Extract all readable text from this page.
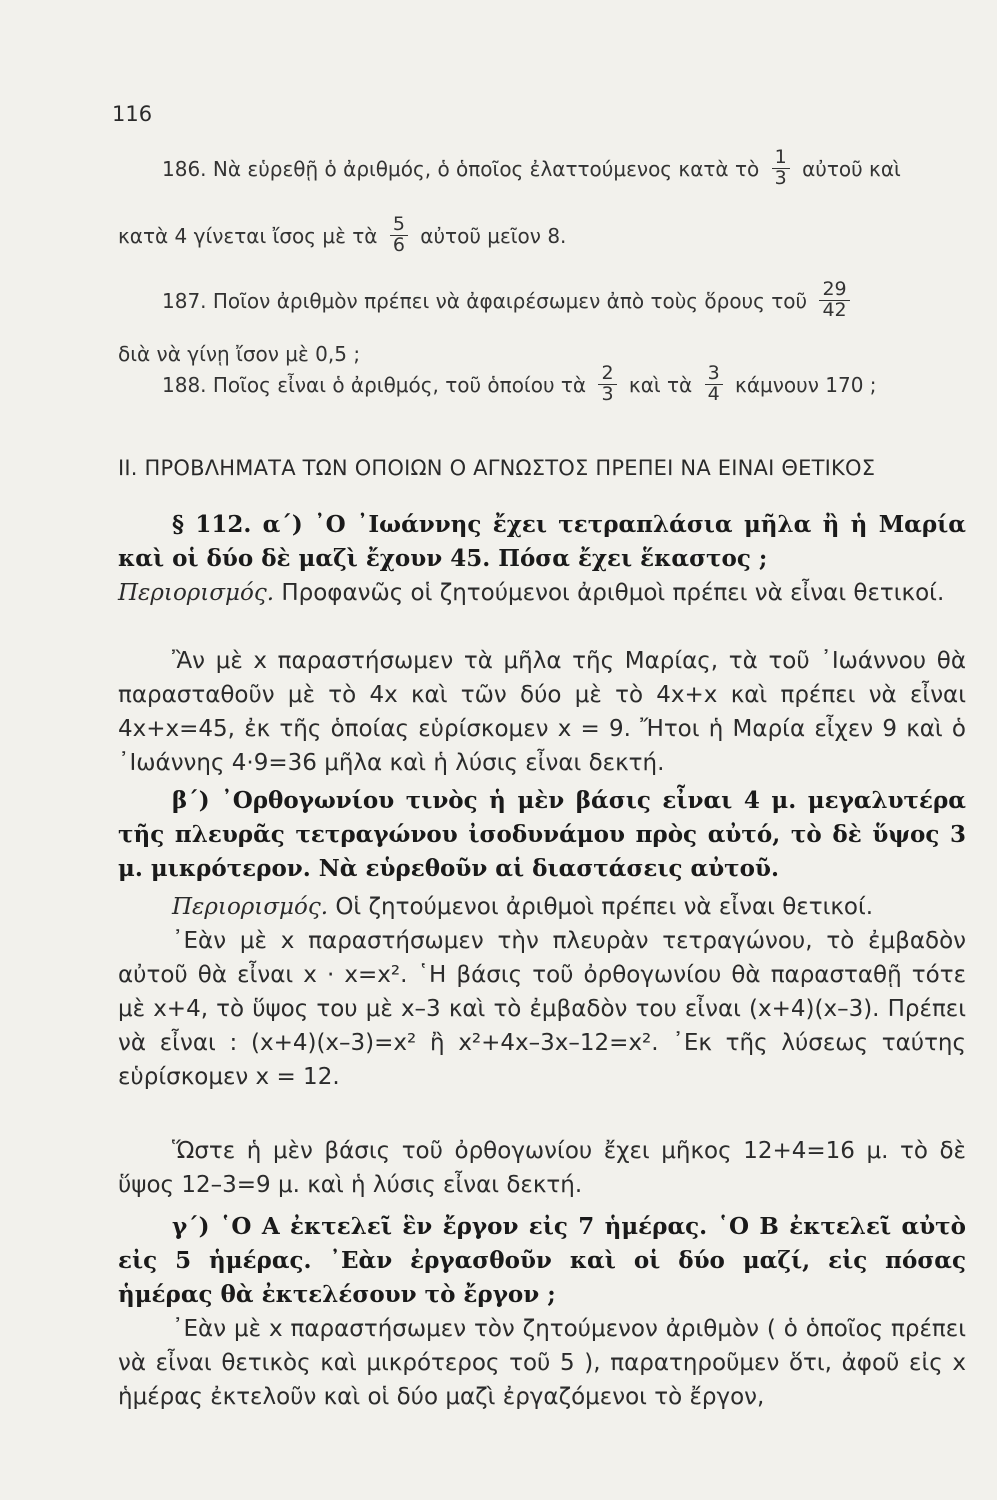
116
186. Νὰ εὑρεθῇ ὁ ἀριθμός, ὁ ὁποῖος ἐλαττούμενος κατὰ τὸ $\frac{1}{3}$ αὐτοῦ καὶ
κατὰ 4 γίνεται ἴσος μὲ τὰ $\frac{5}{6}$ αὐτοῦ μεῖον 8.
187. Ποῖον ἀριθμὸν πρέπει νὰ ἀφαιρέσωμεν ἀπὸ τοὺς ὅρους τοῦ $\frac{29}{42}$
διὰ νὰ γίνῃ ἴσον μὲ 0,5 ;
188. Ποῖος εἶναι ὁ ἀριθμός, τοῦ ὁποίου τὰ $\frac{2}{3}$ καὶ τὰ $\frac{3}{4}$ κάμνουν 170 ;
ΙΙ. ΠΡΟΒΛΗΜΑΤΑ ΤΩΝ ΟΠΟΙΩΝ Ο ΑΓΝΩΣΤΟΣ ΠΡΕΠΕΙ ΝΑ ΕΙΝΑΙ ΘΕΤΙΚΟΣ
§ 112. α΄) ᾿Ο ᾿Ιωάννης ἔχει τετραπλάσια μῆλα ἢ ἡ Μαρία καὶ οἱ δύο δὲ μαζὶ ἔχουν 45. Πόσα ἔχει ἕκαστος ;
Περιορισμός. Προφανῶς οἱ ζητούμενοι ἀριθμοὶ πρέπει νὰ εἶναι θετικοί.
Ἂν μὲ x παραστήσωμεν τὰ μῆλα τῆς Μαρίας, τὰ τοῦ ᾿Ιωάννου θὰ παρασταθοῦν μὲ τὸ 4x καὶ τῶν δύο μὲ τὸ 4x+x καὶ πρέπει νὰ εἶναι 4x+x=45, ἐκ τῆς ὁποίας εὑρίσκομεν x = 9. Ἤτοι ἡ Μαρία εἶχεν 9 καὶ ὁ ᾿Ιωάννης 4·9=36 μῆλα καὶ ἡ λύσις εἶναι δεκτή.
β΄) ᾿Ορθογωνίου τινὸς ἡ μὲν βάσις εἶναι 4 μ. μεγαλυτέρα τῆς πλευρᾶς τετραγώνου ἰσοδυνάμου πρὸς αὐτό, τὸ δὲ ὕψος 3 μ. μικρότερον. Νὰ εὑρεθοῦν αἱ διαστάσεις αὐτοῦ.
Περιορισμός. Οἱ ζητούμενοι ἀριθμοὶ πρέπει νὰ εἶναι θετικοί.
᾿Εὰν μὲ x παραστήσωμεν τὴν πλευρὰν τετραγώνου, τὸ ἐμβαδὸν αὐτοῦ θὰ εἶναι x · x=x². ῾Η βάσις τοῦ ὀρθογωνίου θὰ παρασταθῇ τότε μὲ x+4, τὸ ὕψος του μὲ x–3 καὶ τὸ ἐμβαδὸν του εἶναι (x+4)(x–3). Πρέπει νὰ εἶναι : (x+4)(x–3)=x² ἢ x²+4x–3x–12=x². ᾿Εκ τῆς λύσεως ταύτης εὑρίσκομεν x = 12.
Ὥστε ἡ μὲν βάσις τοῦ ὀρθογωνίου ἔχει μῆκος 12+4=16 μ. τὸ δὲ ὕψος 12–3=9 μ. καὶ ἡ λύσις εἶναι δεκτή.
γ΄) ῾Ο Α ἐκτελεῖ ἓν ἔργον εἰς 7 ἡμέρας. ῾Ο Β ἐκτελεῖ αὐτὸ εἰς 5 ἡμέρας. ᾿Εὰν ἐργασθοῦν καὶ οἱ δύο μαζί, εἰς πόσας ἡμέρας θὰ ἐκτελέσουν τὸ ἔργον ;
᾿Εὰν μὲ x παραστήσωμεν τὸν ζητούμενον ἀριθμὸν ( ὁ ὁποῖος πρέπει νὰ εἶναι θετικὸς καὶ μικρότερος τοῦ 5 ), παρατηροῦμεν ὅτι, ἀφοῦ εἰς x ἡμέρας ἐκτελοῦν καὶ οἱ δύο μαζὶ ἐργαζόμενοι τὸ ἔργον,
